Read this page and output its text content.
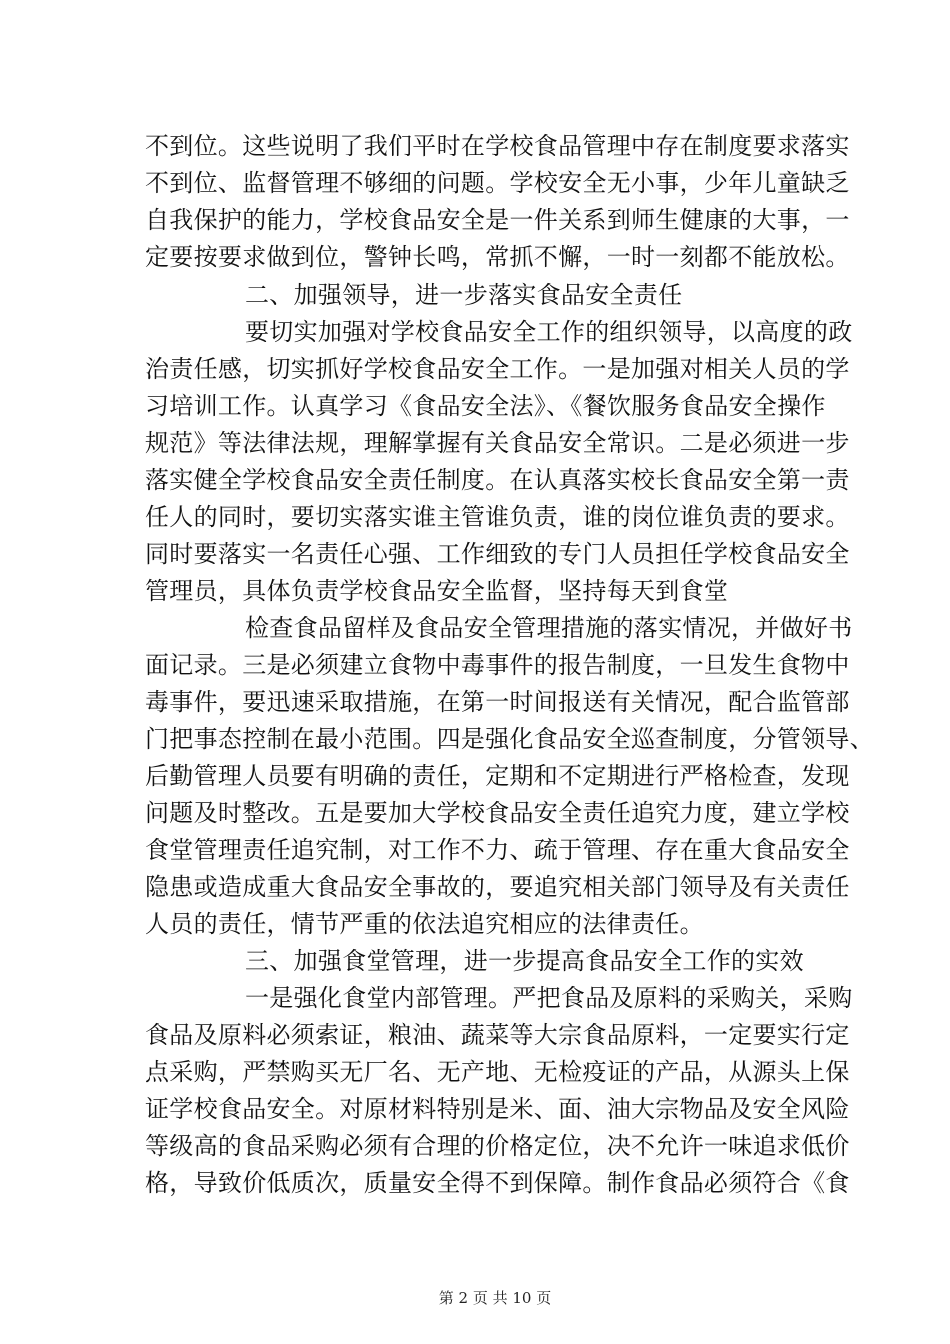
不到位。这些说明了我们平时在学校食品管理中存在制度要求落实
不到位、监督管理不够细的问题。学校安全无小事，少年儿童缺乏
自我保护的能力，学校食品安全是一件关系到师生健康的大事，一
定要按要求做到位，警钟长鸣，常抓不懈，一时一刻都不能放松。
二、加强领导，进一步落实食品安全责任
要切实加强对学校食品安全工作的组织领导，以高度的政
治责任感，切实抓好学校食品安全工作。一是加强对相关人员的学
习培训工作。认真学习《食品安全法》、《餐饮服务食品安全操作
规范》等法律法规，理解掌握有关食品安全常识。二是必须进一步
落实健全学校食品安全责任制度。在认真落实校长食品安全第一责
任人的同时，要切实落实谁主管谁负责，谁的岗位谁负责的要求。
同时要落实一名责任心强、工作细致的专门人员担任学校食品安全
管理员，具体负责学校食品安全监督，坚持每天到食堂
检查食品留样及食品安全管理措施的落实情况，并做好书
面记录。三是必须建立食物中毒事件的报告制度，一旦发生食物中
毒事件，要迅速采取措施，在第一时间报送有关情况，配合监管部
门把事态控制在最小范围。四是强化食品安全巡查制度，分管领导、
后勤管理人员要有明确的责任，定期和不定期进行严格检查，发现
问题及时整改。五是要加大学校食品安全责任追究力度，建立学校
食堂管理责任追究制，对工作不力、疏于管理、存在重大食品安全
隐患或造成重大食品安全事故的，要追究相关部门领导及有关责任
人员的责任，情节严重的依法追究相应的法律责任。
三、加强食堂管理，进一步提高食品安全工作的实效
一是强化食堂内部管理。严把食品及原料的采购关，采购
食品及原料必须索证，粮油、蔬菜等大宗食品原料，一定要实行定
点采购，严禁购买无厂名、无产地、无检疫证的产品，从源头上保
证学校食品安全。对原材料特别是米、面、油大宗物品及安全风险
等级高的食品采购必须有合理的价格定位，决不允许一味追求低价
格，导致价低质次，质量安全得不到保障。制作食品必须符合《食
第 2 页 共 10 页
